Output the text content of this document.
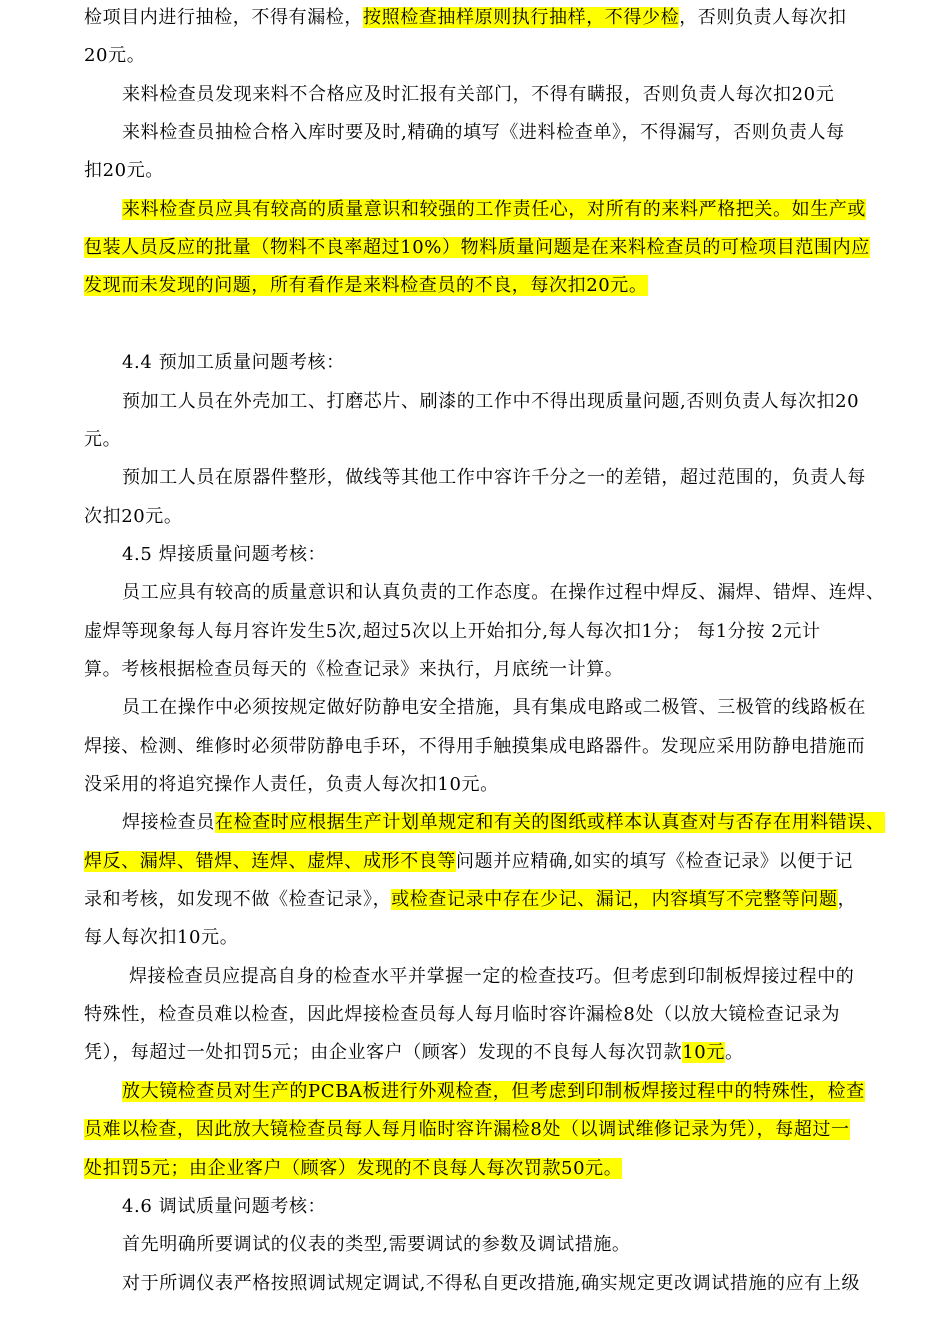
检项目内进行抽检，不得有漏检，按照检查抽样原则执行抽样，不得少检，否则负责人每次扣
20元。
来料检查员发现来料不合格应及时汇报有关部门，不得有瞒报，否则负责人每次扣20元
来料检查员抽检合格入库时要及时,精确的填写《进料检查单》，不得漏写，否则负责人每
扣20元。
来料检查员应具有较高的质量意识和较强的工作责任心，对所有的来料严格把关。如生产或
包装人员反应的批量（物料不良率超过10%）物料质量问题是在来料检查员的可检项目范围内应
发现而未发现的问题，所有看作是来料检查员的不良，每次扣20元。
4.4 预加工质量问题考核：
预加工人员在外壳加工、打磨芯片、刷漆的工作中不得出现质量问题,否则负责人每次扣20
元。
预加工人员在原器件整形，做线等其他工作中容许千分之一的差错，超过范围的，负责人每
次扣20元。
4.5 焊接质量问题考核：
员工应具有较高的质量意识和认真负责的工作态度。在操作过程中焊反、漏焊、错焊、连焊、
虚焊等现象每人每月容许发生5次,超过5次以上开始扣分,每人每次扣1分； 每1分按 2元计
算。考核根据检查员每天的《检查记录》来执行，月底统一计算。
员工在操作中必须按规定做好防静电安全措施，具有集成电路或二极管、三极管的线路板在
焊接、检测、维修时必须带防静电手环，不得用手触摸集成电路器件。发现应采用防静电措施而
没采用的将追究操作人责任，负责人每次扣10元。
焊接检查员在检查时应根据生产计划单规定和有关的图纸或样本认真查对与否存在用料错误、
焊反、漏焊、错焊、连焊、虚焊、成形不良等问题并应精确,如实的填写《检查记录》以便于记
录和考核，如发现不做《检查记录》，或检查记录中存在少记、漏记，内容填写不完整等问题，
每人每次扣10元。
焊接检查员应提高自身的检查水平并掌握一定的检查技巧。但考虑到印制板焊接过程中的
特殊性，检查员难以检查，因此焊接检查员每人每月临时容许漏检8处（以放大镜检查记录为
凭），每超过一处扣罚5元；由企业客户（顾客）发现的不良每人每次罚款10元。
放大镜检查员对生产的PCBA板进行外观检查，但考虑到印制板焊接过程中的特殊性，检查
员难以检查，因此放大镜检查员每人每月临时容许漏检8处（以调试维修记录为凭），每超过一
处扣罚5元；由企业客户（顾客）发现的不良每人每次罚款50元。
4.6 调试质量问题考核：
首先明确所要调试的仪表的类型,需要调试的参数及调试措施。
对于所调仪表严格按照调试规定调试,不得私自更改措施,确实规定更改调试措施的应有上级
